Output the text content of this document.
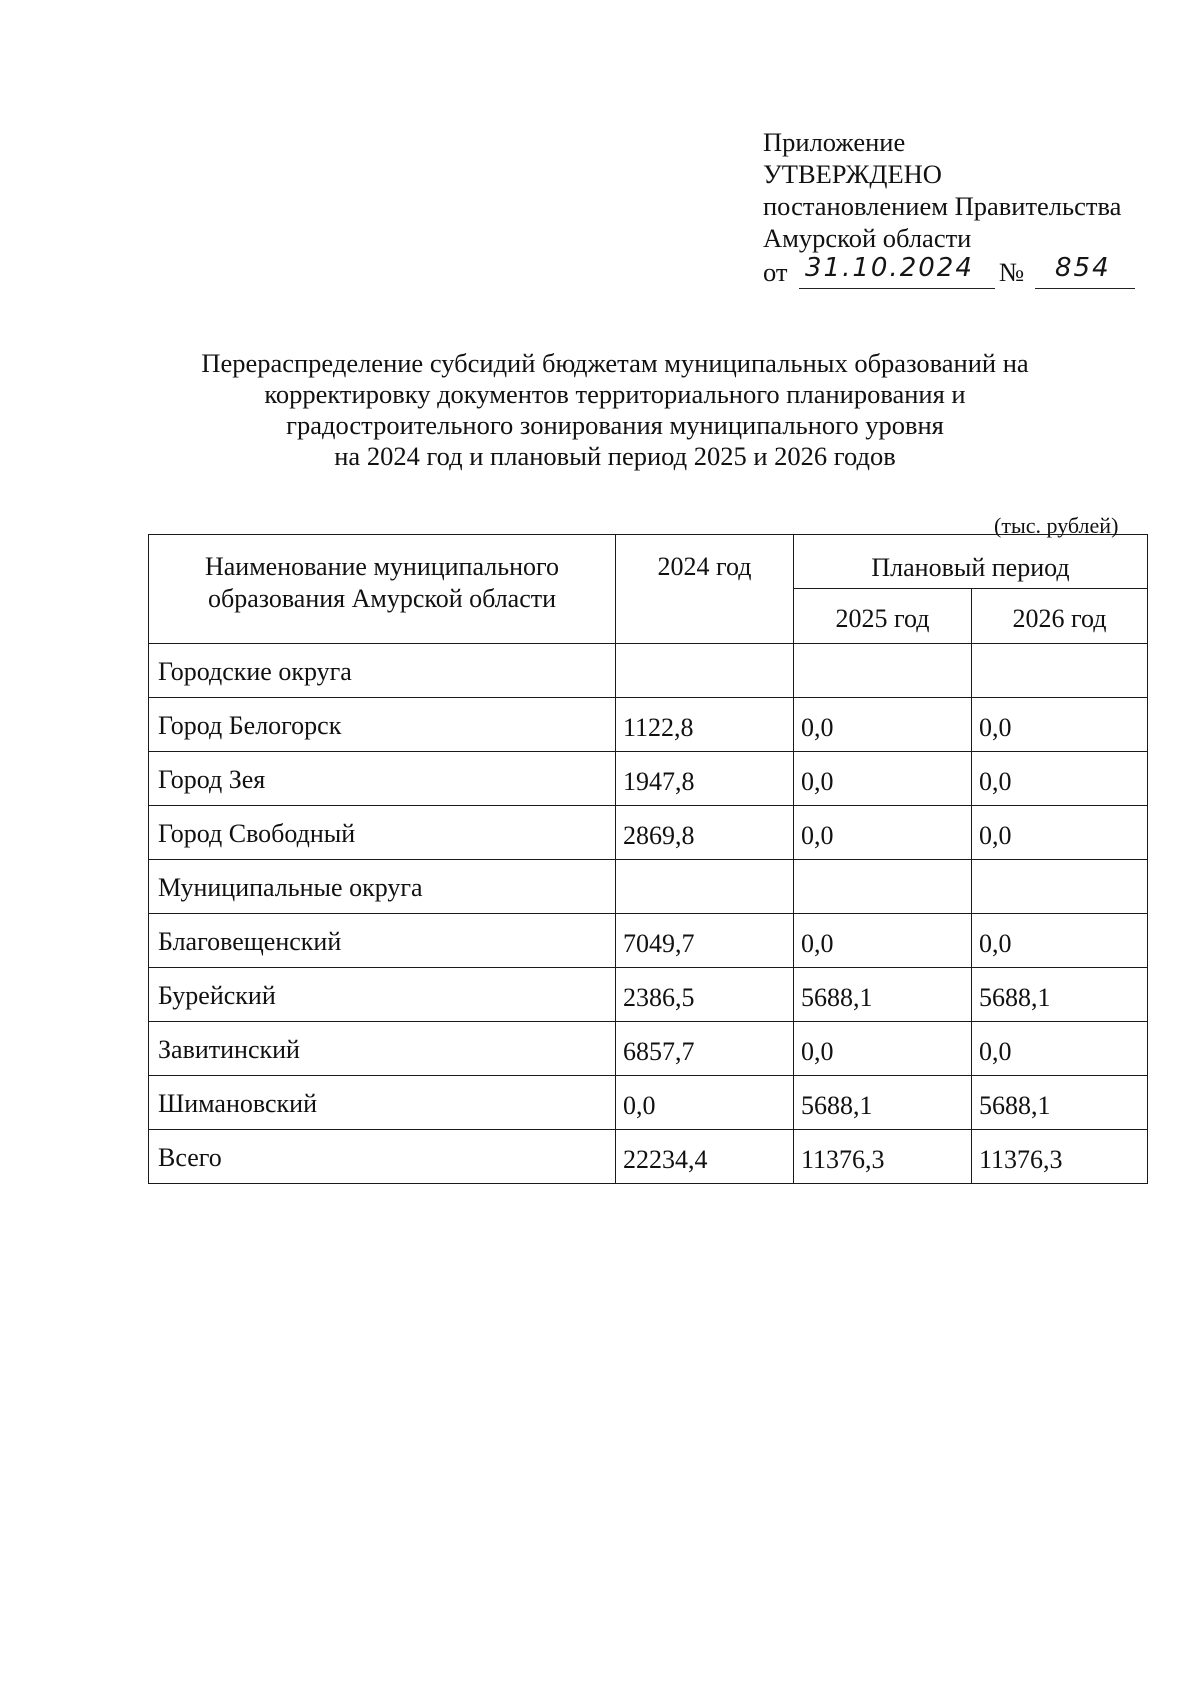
Приложение
УТВЕРЖДЕНО
постановлением Правительства
Амурской области
от 31.10.2024 № 854
Перераспределение субсидий бюджетам муниципальных образований на
корректировку документов территориального планирования и
градостроительного зонирования муниципального уровня
на 2024 год и плановый период 2025 и 2026 годов
(тыс. рублей)
Наименование муниципального
образования Амурской области	2024 год	Плановый период	
		2025 год	2026 год
Городские округа			
Город Белогорск	1122,8	0,0	0,0
Город Зея	1947,8	0,0	0,0
Город Свободный	2869,8	0,0	0,0
Муниципальные округа			
Благовещенский	7049,7	0,0	0,0
Бурейский	2386,5	5688,1	5688,1
Завитинский	6857,7	0,0	0,0
Шимановский	0,0	5688,1	5688,1
Всего	22234,4	11376,3	11376,3
